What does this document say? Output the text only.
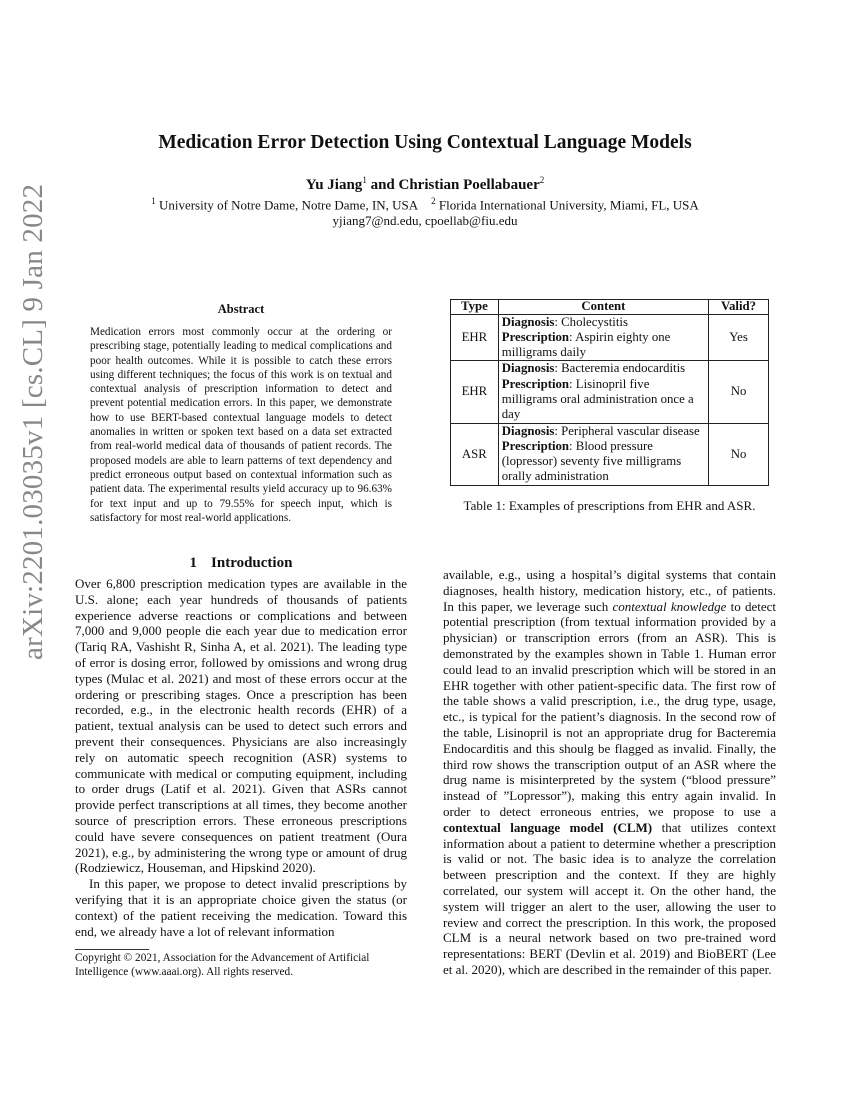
arXiv:2201.03035v1 [cs.CL] 9 Jan 2022
Medication Error Detection Using Contextual Language Models
Yu Jiang$^1$ and Christian Poellabauer$^2$
$^1$ University of Notre Dame, Notre Dame, IN, USA $^2$ Florida International University, Miami, FL, USA
yjiang7@nd.edu, cpoellab@fiu.edu
Abstract
Medication errors most commonly occur at the ordering or prescribing stage, potentially leading to medical complications and poor health outcomes. While it is possible to catch these errors using different techniques; the focus of this work is on textual and contextual analysis of prescription information to detect and prevent potential medication errors. In this paper, we demonstrate how to use BERT-based contextual language models to detect anomalies in written or spoken text based on a data set extracted from real-world medical data of thousands of patient records. The proposed models are able to learn patterns of text dependency and predict erroneous output based on contextual information such as patient data. The experimental results yield accuracy up to 96.63% for text input and up to 79.55% for speech input, which is satisfactory for most real-world applications.
Type	Content	Valid?
EHR	Diagnosis: Cholecystitis
Prescription: Aspirin eighty one milligrams daily	Yes
EHR	Diagnosis: Bacteremia endocarditis
Prescription: Lisinopril five milligrams oral administration once a day	No
ASR	Diagnosis: Peripheral vascular disease
Prescription: Blood pressure (lopressor) seventy five milligrams orally administration	No
Table 1: Examples of prescriptions from EHR and ASR.
1 Introduction

Over 6,800 prescription medication types are available in the U.S. alone; each year hundreds of thousands of patients experience adverse reactions or complications and between 7,000 and 9,000 people die each year due to medication error (Tariq RA, Vashisht R, Sinha A, et al. 2021). The leading type of error is dosing error, followed by omissions and wrong drug types (Mulac et al. 2021) and most of these errors occur at the ordering or prescribing stages. Once a prescription has been recorded, e.g., in the electronic health records (EHR) of a patient, textual analysis can be used to detect such errors and prevent their consequences. Physicians are also increasingly rely on automatic speech recognition (ASR) systems to communicate with medical or computing equipment, including to order drugs (Latif et al. 2021). Given that ASRs cannot provide perfect transcriptions at all times, they become another source of prescription errors. These erroneous prescriptions could have severe consequences on patient treatment (Oura 2021), e.g., by administering the wrong type or amount of drug (Rodziewicz, Houseman, and Hipskind 2020).

In this paper, we propose to detect invalid prescriptions by verifying that it is an appropriate choice given the status (or context) of the patient receiving the medication. Toward this end, we already have a lot of relevant information

Copyright © 2021, Association for the Advancement of Artificial Intelligence (www.aaai.org). All rights reserved.

available, e.g., using a hospital’s digital systems that contain diagnoses, health history, medication history, etc., of patients. In this paper, we leverage such contextual knowledge to detect potential prescription (from textual information provided by a physician) or transcription errors (from an ASR). This is demonstrated by the examples shown in Table 1. Human error could lead to an invalid prescription which will be stored in an EHR together with other patient-specific data. The first row of the table shows a valid prescription, i.e., the drug type, usage, etc., is typical for the patient’s diagnosis. In the second row of the table, Lisinopril is not an appropriate drug for Bacteremia Endocarditis and this shoulg be flagged as invalid. Finally, the third row shows the transcription output of an ASR where the drug name is misinterpreted by the system (“blood pressure” instead of ”Lopressor”), making this entry again invalid. In order to detect erroneous entries, we propose to use a contextual language model (CLM) that utilizes context information about a patient to determine whether a prescription is valid or not. The basic idea is to analyze the correlation between prescription and the context. If they are highly correlated, our system will accept it. On the other hand, the system will trigger an alert to the user, allowing the user to review and correct the prescription. In this work, the proposed CLM is a neural network based on two pre-trained word representations: BERT (Devlin et al. 2019) and BioBERT (Lee et al. 2020), which are described in the remainder of this paper.
